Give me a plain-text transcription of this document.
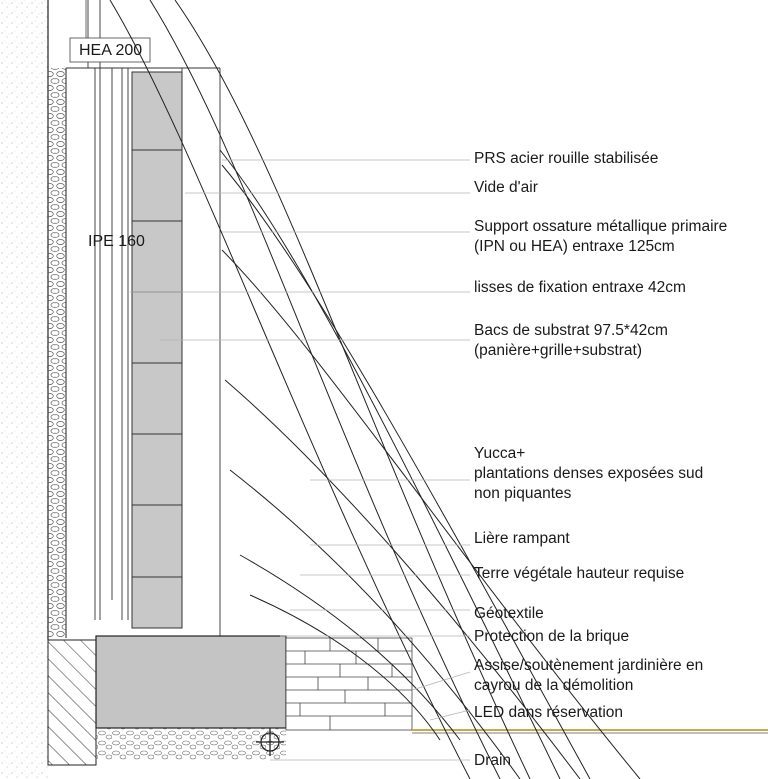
HEA 200
IPE 160
PRS acier rouille stabilisée
Vide d'air
Support ossature métallique primaire
(IPN ou HEA) entraxe 125cm
lisses de fixation entraxe 42cm
Bacs de substrat 97.5*42cm
(panière+grille+substrat)
Yucca+
plantations denses exposées sud
non piquantes
Lière rampant
Terre végétale hauteur requise
Géotextile
Protection de la brique
Assise/soutènement jardinière en
cayrou de la démolition
LED dans réservation
Drain
